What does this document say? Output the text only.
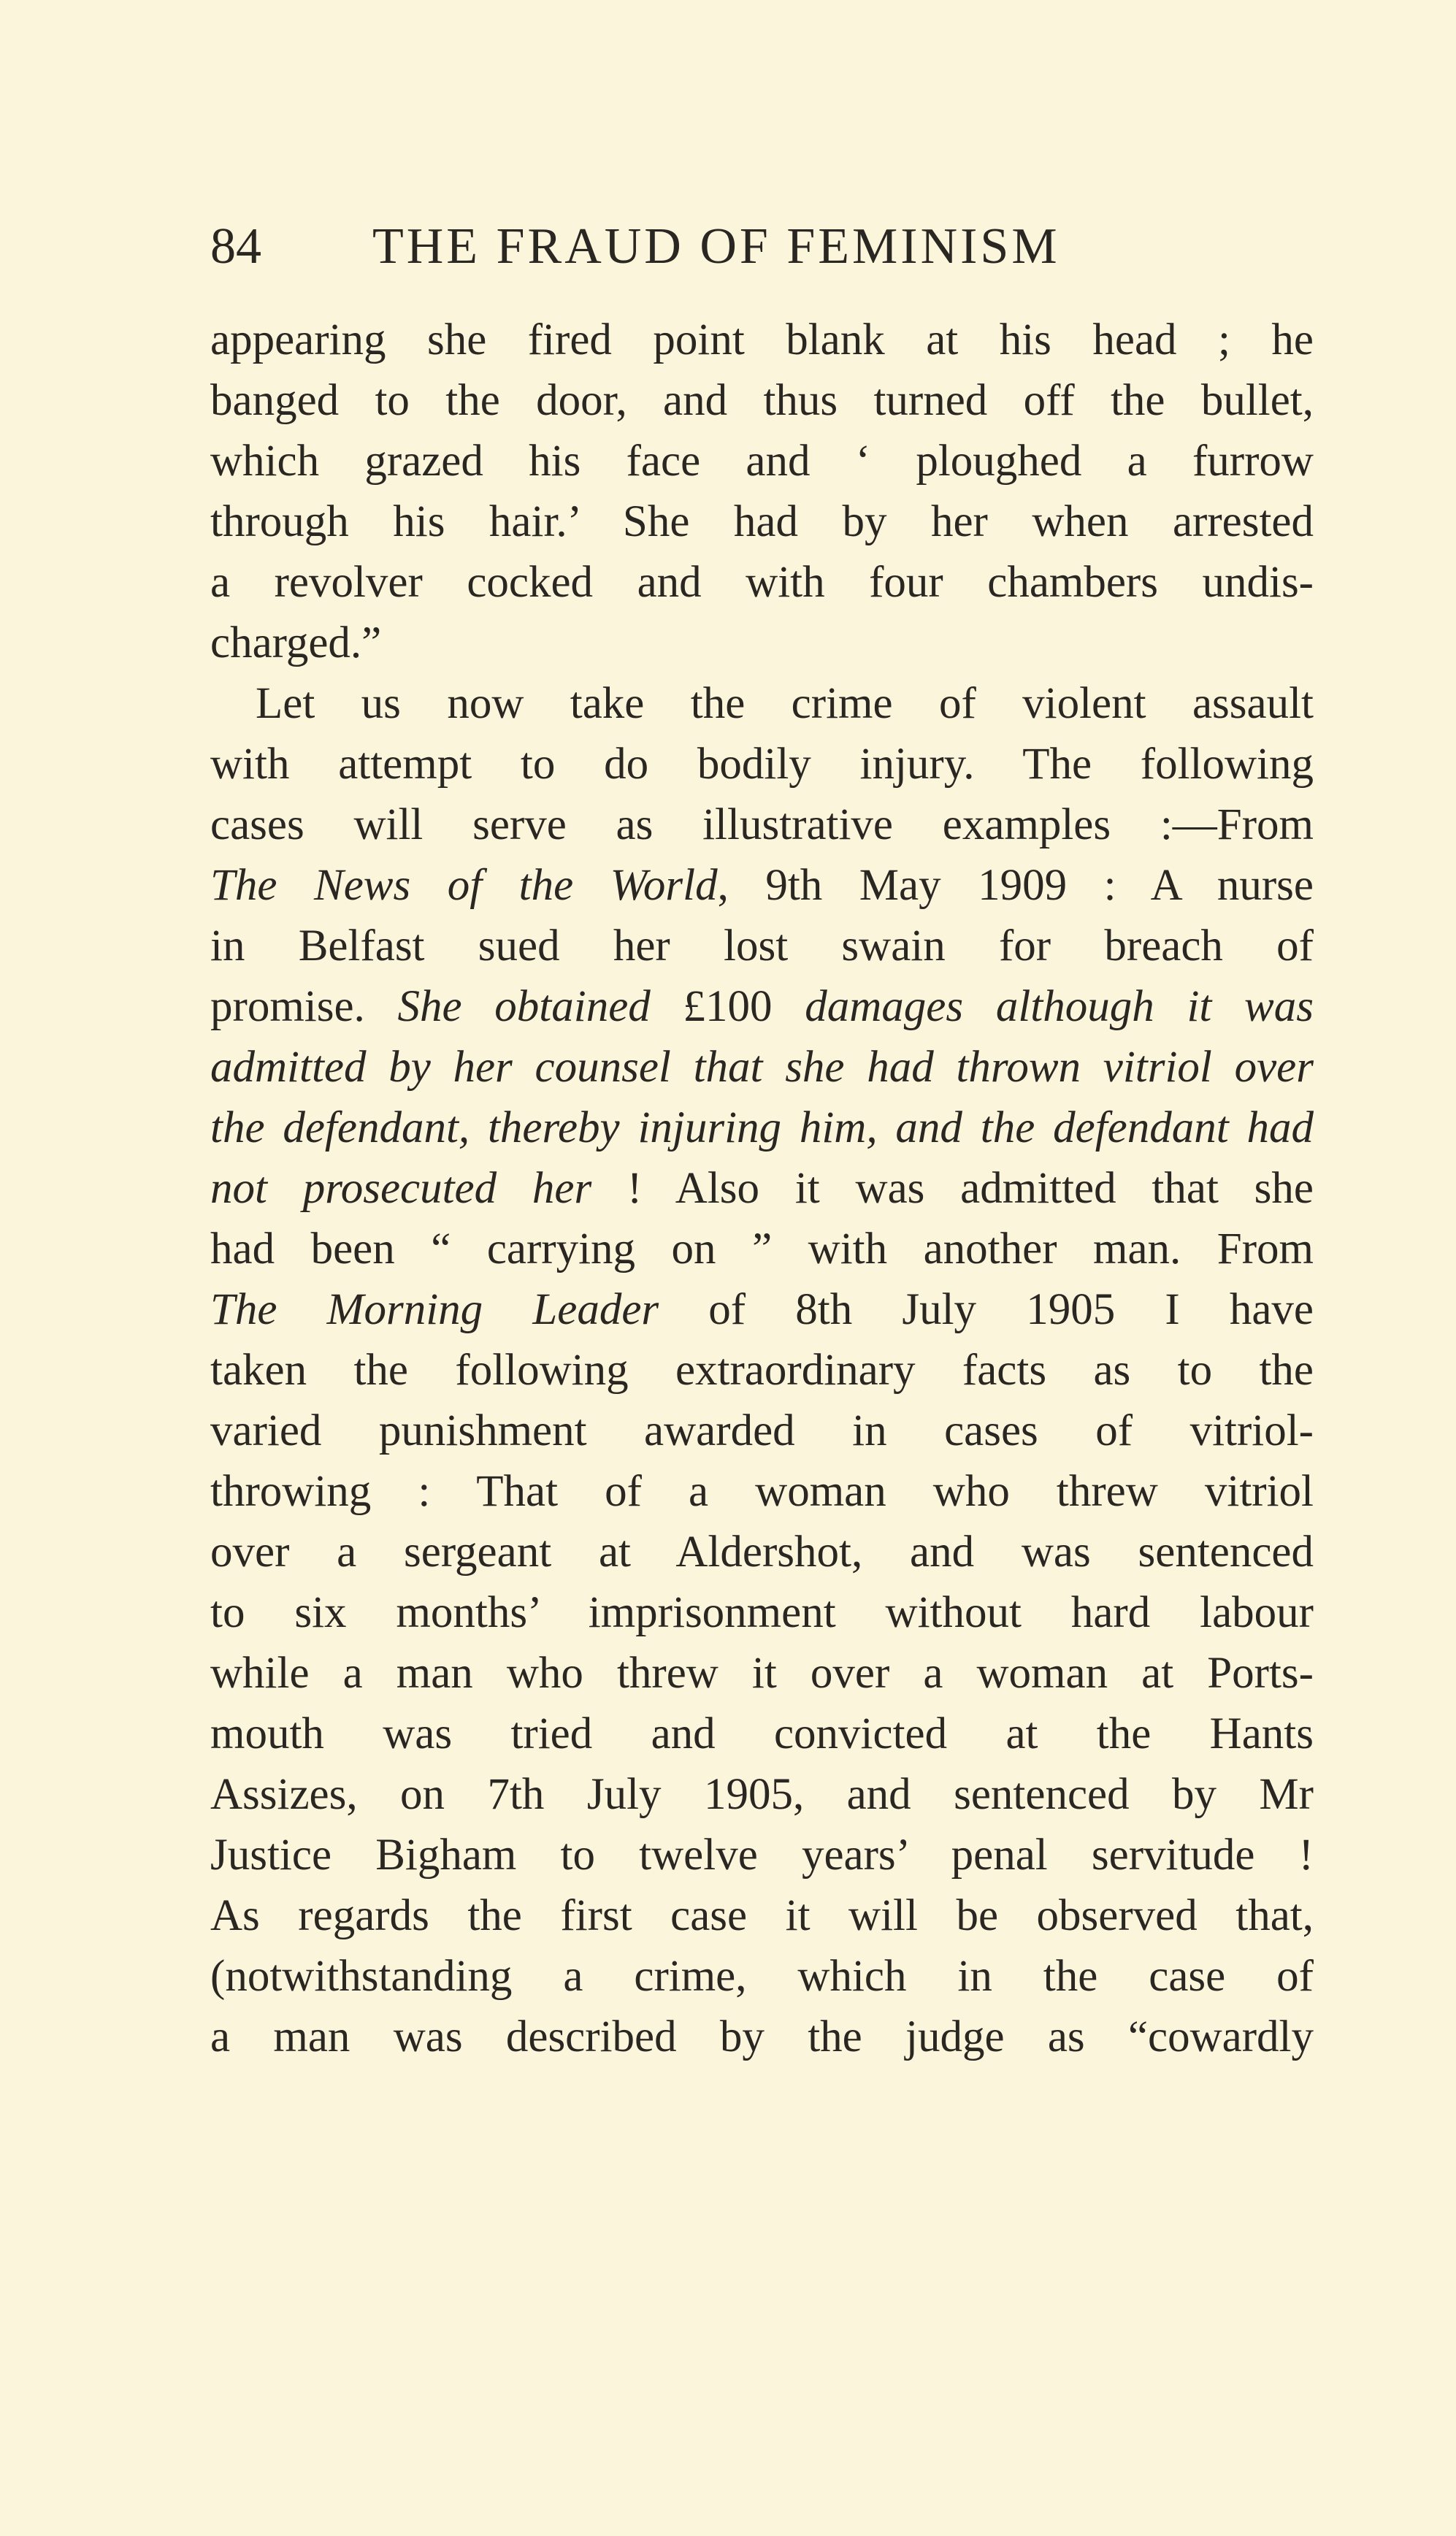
84 THE FRAUD OF FEMINISM
appearing she fired point blank at his head ; he
banged to the door, and thus turned off the bullet,
which grazed his face and ‘ ploughed a furrow
through his hair.’ She had by her when arrested
a revolver cocked and with four chambers undis-
charged.”
Let us now take the crime of violent assault
with attempt to do bodily injury. The following
cases will serve as illustrative examples :—From
The News of the World, 9th May 1909 : A nurse
in Belfast sued her lost swain for breach of
promise. She obtained £100 damages although it was
admitted by her counsel that she had thrown vitriol over
the defendant, thereby injuring him, and the defendant had
not prosecuted her ! Also it was admitted that she
had been “ carrying on ” with another man. From
The Morning Leader of 8th July 1905 I have
taken the following extraordinary facts as to the
varied punishment awarded in cases of vitriol-
throwing : That of a woman who threw vitriol
over a sergeant at Aldershot, and was sentenced
to six months’ imprisonment without hard labour
while a man who threw it over a woman at Ports-
mouth was tried and convicted at the Hants
Assizes, on 7th July 1905, and sentenced by Mr
Justice Bigham to twelve years’ penal servitude !
As regards the first case it will be observed that,
(notwithstanding a crime, which in the case of
a man was described by the judge as “cowardly
